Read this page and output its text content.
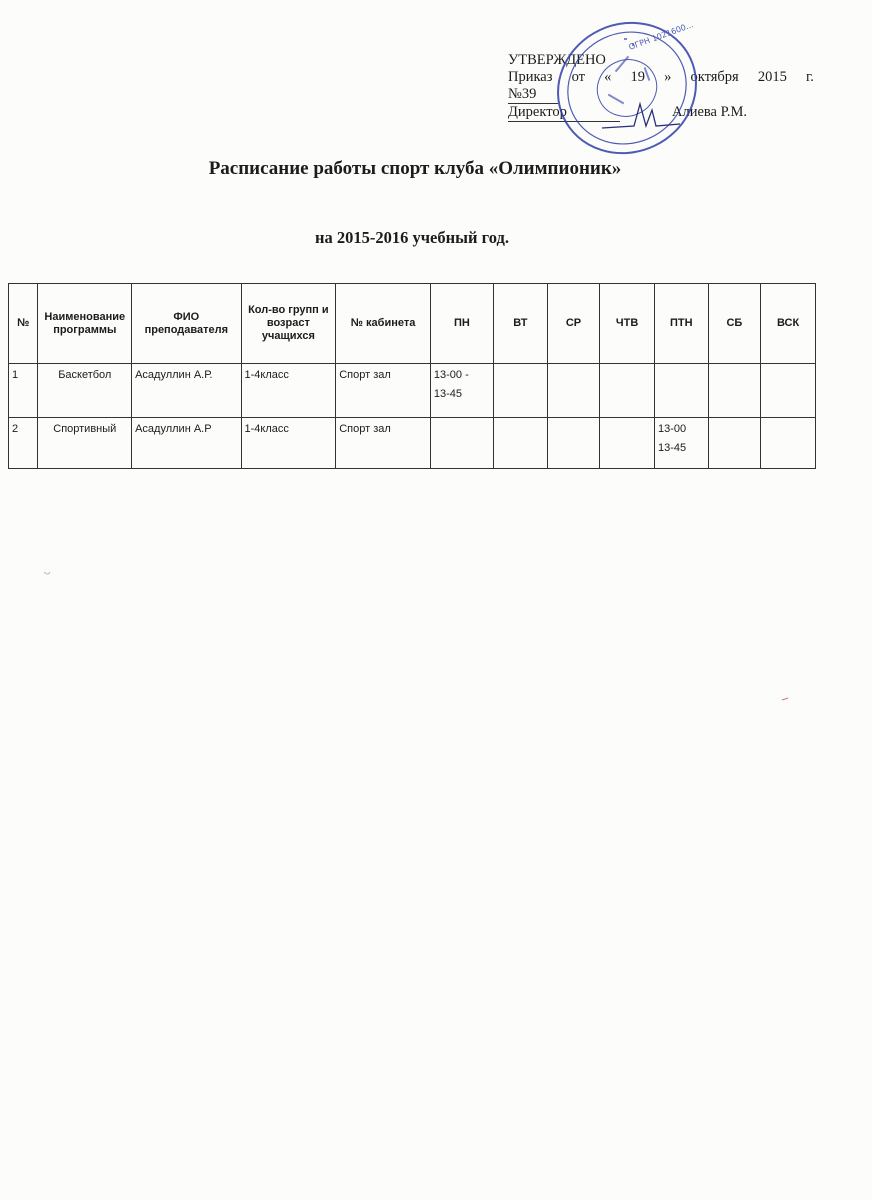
УТВЕРЖДЕНО
Приказ от « 19 » октября 2015 г.
№39
Директор	Алиева Р.М.
ОГРН 1021600...
Расписание работы спорт клуба «Олимпионик»
на 2015-2016 учебный год.
№	Наименование программы	ФИО преподавателя	Кол-во групп и возраст учащихся	№ кабинета	ПН	ВТ	СР	ЧТВ	ПТН	СБ	ВСК
1	Баскетбол	Асадуллин А.Р.	1-4класс	Спорт зал	13-00 -
13-45						

2	Спортивный	Асадуллин А.Р	1-4класс	Спорт зал					13-00
13-45		
